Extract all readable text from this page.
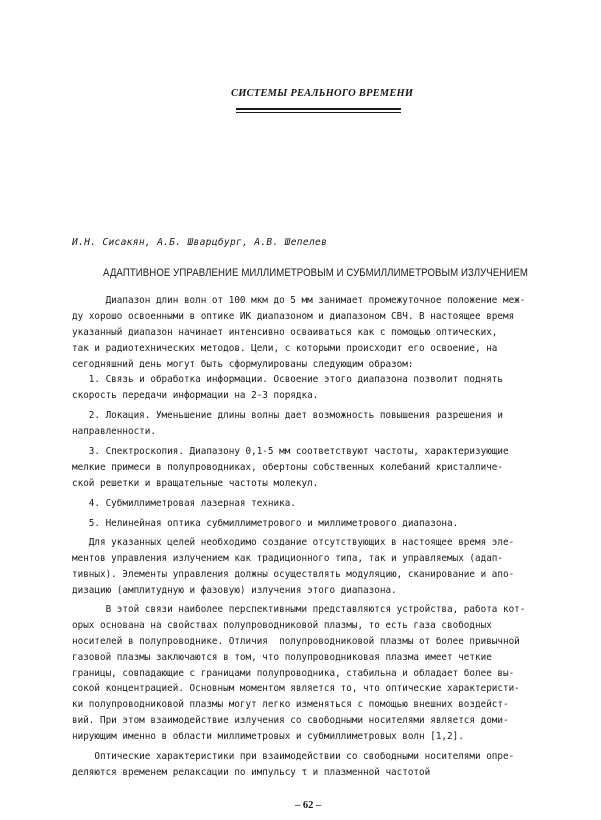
СИСТЕМЫ РЕАЛЬНОГО ВРЕМЕНИ
И.Н. Сисакян, А.Б. Шварцбург, А.В. Шепелев
АДАПТИВНОЕ УПРАВЛЕНИЕ МИЛЛИМЕТРОВЫМ И СУБМИЛЛИМЕТРОВЫМ ИЗЛУЧЕНИЕМ
Диапазон длин волн от 100 мкм до 5 мм занимает промежуточное положение меж-
ду хорошо освоенными в оптике ИК диапазоном и диапазоном СВЧ. В настоящее время
указанный диапазон начинает интенсивно осваиваться как с помощью оптических,
так и радиотехнических методов. Цели, с которыми происходит его освоение, на
сегодняшний день могут быть сформулированы следующим образом:
1. Связь и обработка информации. Освоение этого диапазона позволит поднять
скорость передачи информации на 2-3 порядка.
2. Локация. Уменьшение длины волны дает возможность повышения разрешения и
направленности.
3. Спектроскопия. Диапазону 0,1-5 мм соответствуют частоты, характеризующие
мелкие примеси в полупроводниках, обертоны собственных колебаний кристалличе-
ской решетки и вращательные частоты молекул.
4. Субмиллиметровая лазерная техника.
5. Нелинейная оптика субмиллиметрового и миллиметрового диапазона.
Для указанных целей необходимо создание отсутствующих в настоящее время эле-
ментов управления излучением как традиционного типа, так и управляемых (адап-
тивных). Элементы управления должны осуществлять модуляцию, сканирование и апо-
дизацию (амплитудную и фазовую) излучения этого диапазона.
В этой связи наиболее перспективными представляются устройства, работа кот-
орых основана на свойствах полупроводниковой плазмы, то есть газа свободных
носителей в полупроводнике. Отличия  полупроводниковой плазмы от более привычной
газовой плазмы заключаются в том, что полупроводниковая плазма имеет четкие
границы, совпадающие с границами полупроводника, стабильна и обладает более вы-
сокой концентрацией. Основным моментом является то, что оптические характеристи-
ки полупроводниковой плазмы могут легко изменяться с помощью внешних воздейст-
вий. При этом взаимодействие излучения со свободными носителями является доми-
нирующим именно в области миллиметровых и субмиллиметровых волн [1,2].
Оптические характеристики при взаимодействии со свободными носителями опре-
деляются временем релаксации по импульсу τ и плазменной частотой
– 62 –
